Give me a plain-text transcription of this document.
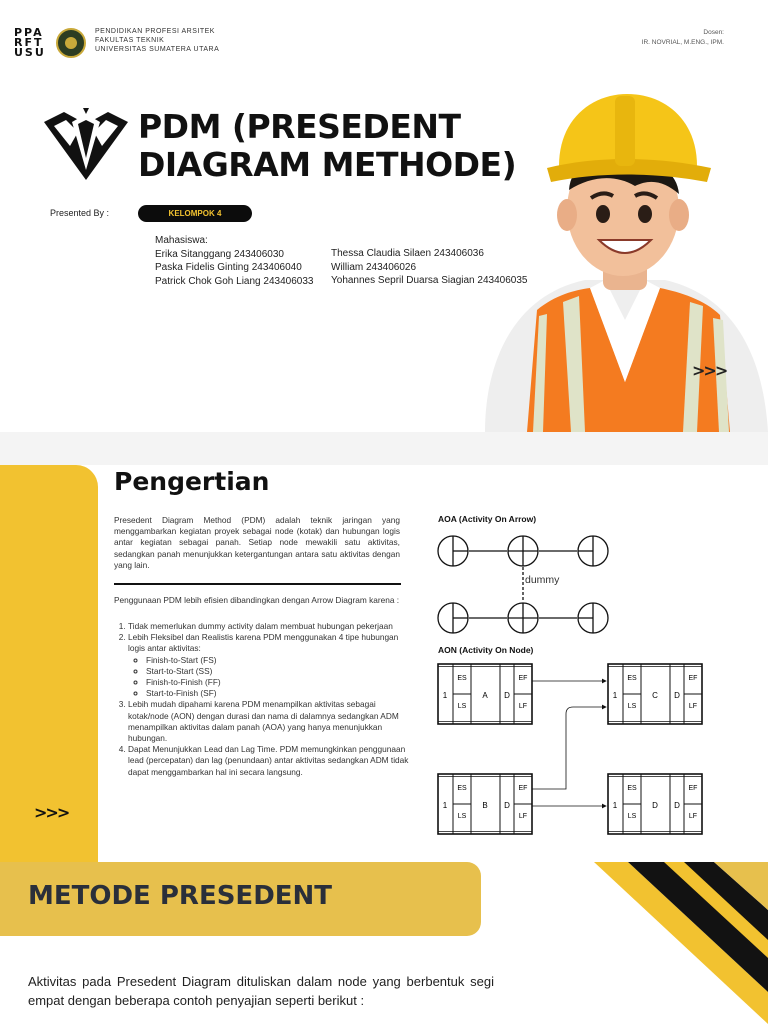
PPA
RFT
USU
PENDIDIKAN PROFESI ARSITEK
FAKULTAS TEKNIK
UNIVERSITAS SUMATERA UTARA
Dosen:
IR. NOVRIAL, M.ENG., IPM.
PDM (PRESEDENT
DIAGRAM METHODE)
Presented By :	KELOMPOK 4
Mahasiswa:
Erika Sitanggang 243406030
Paska Fidelis Ginting 243406040
Patrick Chok Goh Liang 243406033
Thessa Claudia Silaen 243406036
William 243406026
Yohannes Sepril Duarsa Siagian 243406035
>>>
>>>
Pengertian
Presedent Diagram Method (PDM) adalah teknik jaringan yang menggambarkan kegiatan proyek sebagai node (kotak) dan hubungan logis antar kegiatan sebagai panah. Setiap node mewakili satu aktivitas, sedangkan panah menunjukkan ketergantungan antara satu aktivitas dengan yang lain.
Penggunaan PDM lebih efisien dibandingkan dengan Arrow Diagram karena :
1. Tidak memerlukan dummy activity dalam membuat hubungan pekerjaan
2. Lebih Fleksibel dan Realistis karena PDM menggunakan 4 tipe hubungan logis antar aktivitas:
◦ Finish-to-Start (FS)
◦ Start-to-Start (SS)
◦ Finish-to-Finish (FF)
◦ Start-to-Finish (SF)
3. Lebih mudah dipahami karena PDM menampilkan aktivitas sebagai kotak/node (AON) dengan durasi dan nama di dalamnya sedangkan ADM menampilkan aktivitas dalam panah (AOA) yang hanya menunjukkan hubungan.
4. Dapat Menunjukkan Lead dan Lag Time. PDM memungkinkan penggunaan lead (percepatan) dan lag (penundaan) antar aktivitas sedangkan ADM tidak dapat menggambarkan hal ini secara langsung.
AOA (Activity On Arrow)
dummy
AON (Activity On Node)
1
ES
LS
A D
EF
LF
1
ES
LS
C D
EF
LF
1
ES
LS
B D
EF
LF
1
ES
LS
D D
EF
LF
METODE PRESEDENT
Aktivitas pada Presedent Diagram dituliskan dalam node yang berbentuk segi empat dengan beberapa contoh penyajian seperti berikut :
